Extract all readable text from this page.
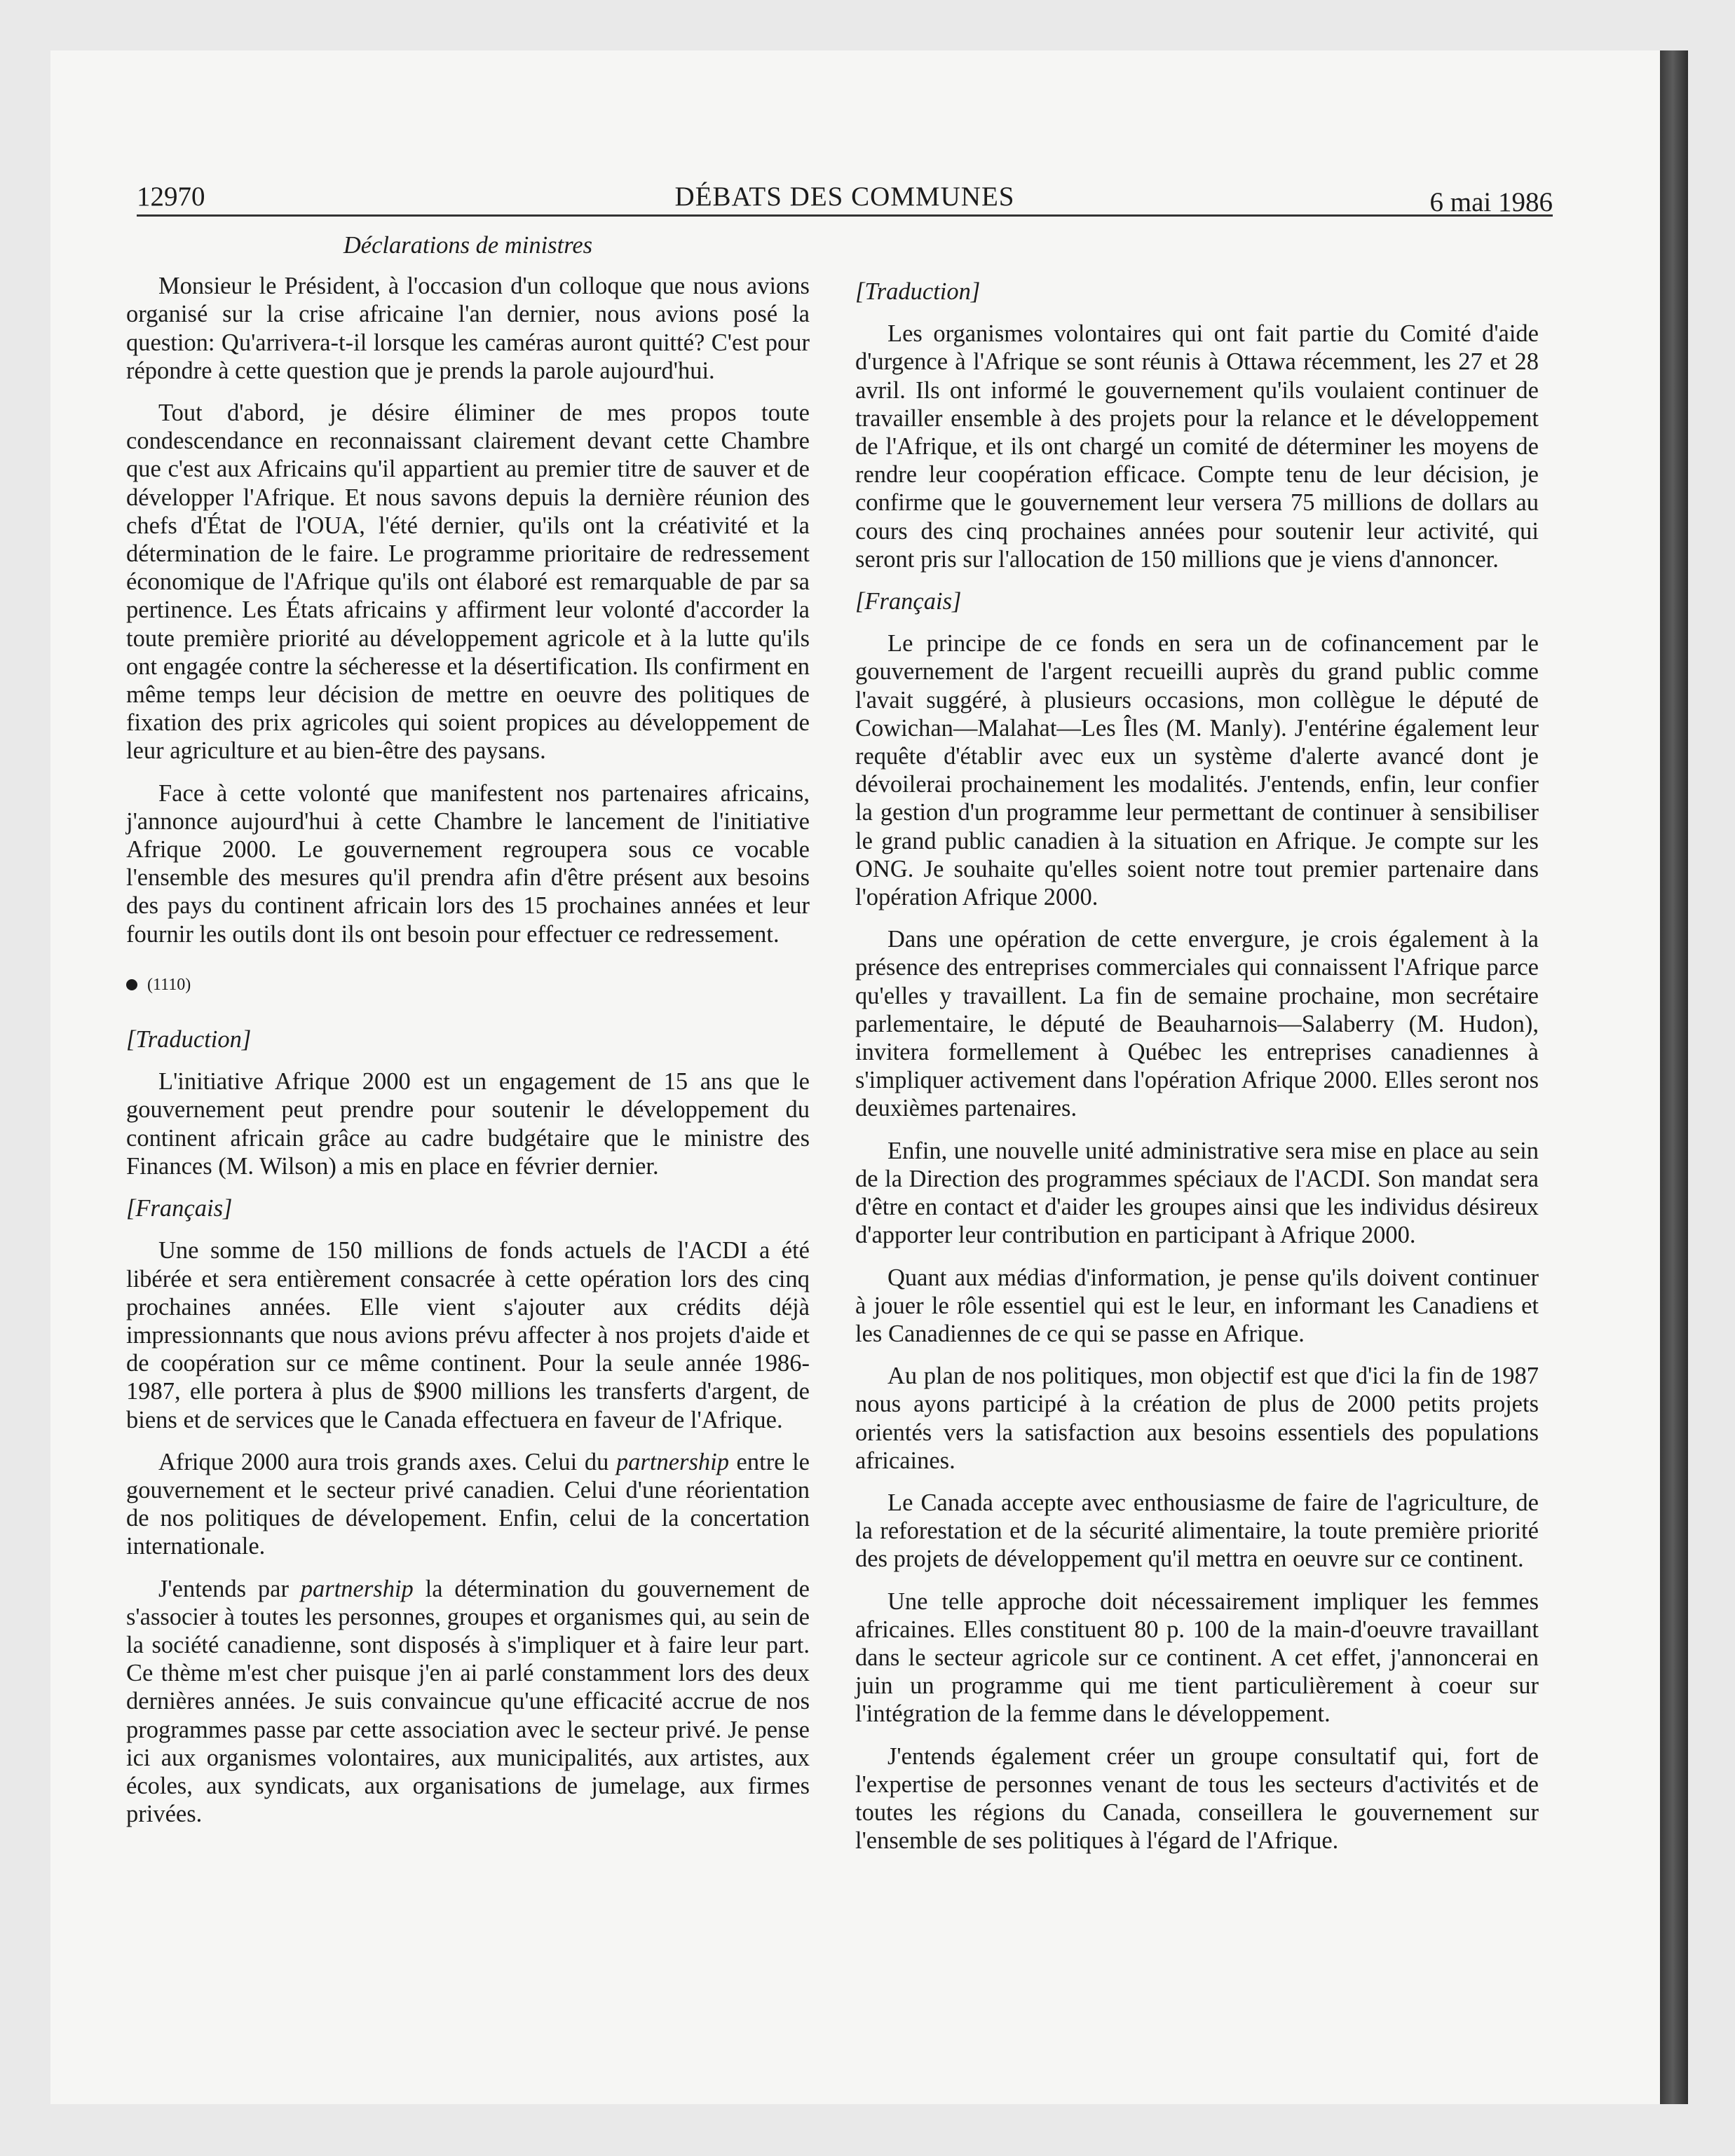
12970	DÉBATS DES COMMUNES	6 mai 1986
Déclarations de ministres

Monsieur le Président, à l'occasion d'un colloque que nous avions organisé sur la crise africaine l'an dernier, nous avions posé la question: Qu'arrivera-t-il lorsque les caméras auront quitté? C'est pour répondre à cette question que je prends la parole aujourd'hui.

Tout d'abord, je désire éliminer de mes propos toute condescendance en reconnaissant clairement devant cette Chambre que c'est aux Africains qu'il appartient au premier titre de sauver et de développer l'Afrique. Et nous savons depuis la dernière réunion des chefs d'État de l'OUA, l'été dernier, qu'ils ont la créativité et la détermination de le faire. Le programme prioritaire de redressement économique de l'Afrique qu'ils ont élaboré est remarquable de par sa pertinence. Les États africains y affirment leur volonté d'accorder la toute première priorité au développement agricole et à la lutte qu'ils ont engagée contre la sécheresse et la désertification. Ils confirment en même temps leur décision de mettre en oeuvre des politiques de fixation des prix agricoles qui soient propices au développement de leur agriculture et au bien-être des paysans.

Face à cette volonté que manifestent nos partenaires africains, j'annonce aujourd'hui à cette Chambre le lancement de l'initiative Afrique 2000. Le gouvernement regroupera sous ce vocable l'ensemble des mesures qu'il prendra afin d'être présent aux besoins des pays du continent africain lors des 15 prochaines années et leur fournir les outils dont ils ont besoin pour effectuer ce redressement.

(1110)
[Traduction]

L'initiative Afrique 2000 est un engagement de 15 ans que le gouvernement peut prendre pour soutenir le développement du continent africain grâce au cadre budgétaire que le ministre des Finances (M. Wilson) a mis en place en février dernier.

[Français]

Une somme de 150 millions de fonds actuels de l'ACDI a été libérée et sera entièrement consacrée à cette opération lors des cinq prochaines années. Elle vient s'ajouter aux crédits déjà impressionnants que nous avions prévu affecter à nos projets d'aide et de coopération sur ce même continent. Pour la seule année 1986-1987, elle portera à plus de $900 millions les transferts d'argent, de biens et de services que le Canada effectuera en faveur de l'Afrique.

Afrique 2000 aura trois grands axes. Celui du partnership entre le gouvernement et le secteur privé canadien. Celui d'une réorientation de nos politiques de dévelopement. Enfin, celui de la concertation internationale.

J'entends par partnership la détermination du gouvernement de s'associer à toutes les personnes, groupes et organismes qui, au sein de la société canadienne, sont disposés à s'impliquer et à faire leur part. Ce thème m'est cher puisque j'en ai parlé constamment lors des deux dernières années. Je suis convaincue qu'une efficacité accrue de nos programmes passe par cette association avec le secteur privé. Je pense ici aux organismes volontaires, aux municipalités, aux artistes, aux écoles, aux syndicats, aux organisations de jumelage, aux firmes privées.

[Traduction]

Les organismes volontaires qui ont fait partie du Comité d'aide d'urgence à l'Afrique se sont réunis à Ottawa récemment, les 27 et 28 avril. Ils ont informé le gouvernement qu'ils voulaient continuer de travailler ensemble à des projets pour la relance et le développement de l'Afrique, et ils ont chargé un comité de déterminer les moyens de rendre leur coopération efficace. Compte tenu de leur décision, je confirme que le gouvernement leur versera 75 millions de dollars au cours des cinq prochaines années pour soutenir leur activité, qui seront pris sur l'allocation de 150 millions que je viens d'annoncer.

[Français]

Le principe de ce fonds en sera un de cofinancement par le gouvernement de l'argent recueilli auprès du grand public comme l'avait suggéré, à plusieurs occasions, mon collègue le député de Cowichan—Malahat—Les Îles (M. Manly). J'entérine également leur requête d'établir avec eux un système d'alerte avancé dont je dévoilerai prochainement les modalités. J'entends, enfin, leur confier la gestion d'un programme leur permettant de continuer à sensibiliser le grand public canadien à la situation en Afrique. Je compte sur les ONG. Je souhaite qu'elles soient notre tout premier partenaire dans l'opération Afrique 2000.

Dans une opération de cette envergure, je crois également à la présence des entreprises commerciales qui connaissent l'Afrique parce qu'elles y travaillent. La fin de semaine prochaine, mon secrétaire parlementaire, le député de Beauharnois—Salaberry (M. Hudon), invitera formellement à Québec les entreprises canadiennes à s'impliquer activement dans l'opération Afrique 2000. Elles seront nos deuxièmes partenaires.

Enfin, une nouvelle unité administrative sera mise en place au sein de la Direction des programmes spéciaux de l'ACDI. Son mandat sera d'être en contact et d'aider les groupes ainsi que les individus désireux d'apporter leur contribution en participant à Afrique 2000.

Quant aux médias d'information, je pense qu'ils doivent continuer à jouer le rôle essentiel qui est le leur, en informant les Canadiens et les Canadiennes de ce qui se passe en Afrique.

Au plan de nos politiques, mon objectif est que d'ici la fin de 1987 nous ayons participé à la création de plus de 2000 petits projets orientés vers la satisfaction aux besoins essentiels des populations africaines.

Le Canada accepte avec enthousiasme de faire de l'agriculture, de la reforestation et de la sécurité alimentaire, la toute première priorité des projets de développement qu'il mettra en oeuvre sur ce continent.

Une telle approche doit nécessairement impliquer les femmes africaines. Elles constituent 80 p. 100 de la main-d'oeuvre travaillant dans le secteur agricole sur ce continent. A cet effet, j'annoncerai en juin un programme qui me tient particulièrement à coeur sur l'intégration de la femme dans le développement.

J'entends également créer un groupe consultatif qui, fort de l'expertise de personnes venant de tous les secteurs d'activités et de toutes les régions du Canada, conseillera le gouvernement sur l'ensemble de ses politiques à l'égard de l'Afrique.
